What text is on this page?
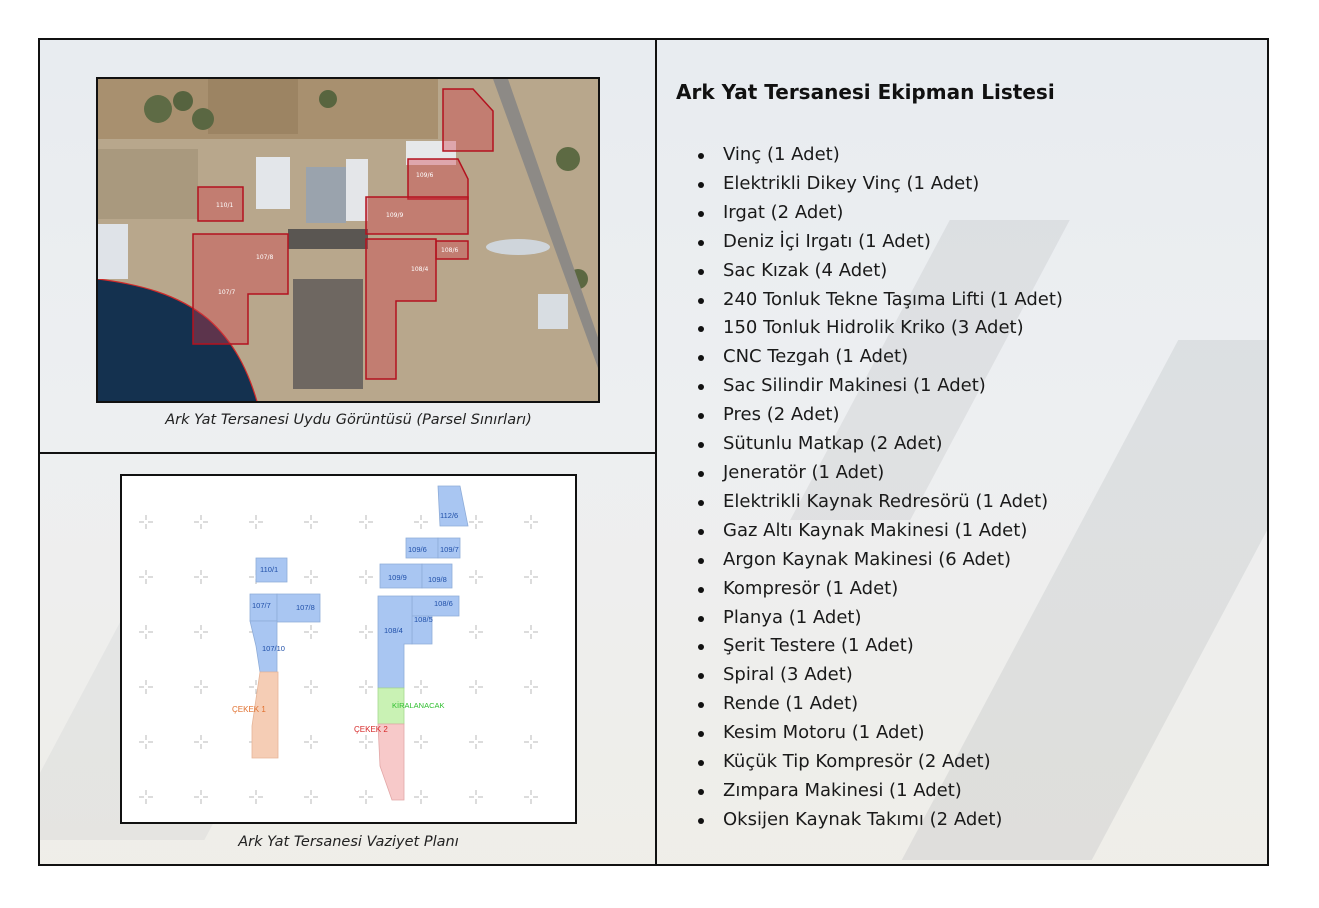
109/6
109/9
108/6
108/4
110/1
107/8
107/7
Ark Yat Tersanesi Uydu Görüntüsü (Parsel Sınırları)
112/6
109/6 109/7
110/1
109/9	109/8
107/7	107/8	108/6
108/5
108/4
107/10
ÇEKEK 1
ÇEKEK 2
KİRALANACAK
Ark Yat Tersanesi Vaziyet Planı
Ark Yat Tersanesi Ekipman Listesi
Vinç (1 Adet)
Elektrikli Dikey Vinç (1 Adet)
Irgat (2 Adet)
Deniz İçi Irgatı (1 Adet)
Sac Kızak (4 Adet)
240 Tonluk Tekne Taşıma Lifti (1 Adet)
150 Tonluk Hidrolik Kriko (3 Adet)
CNC Tezgah (1 Adet)
Sac Silindir Makinesi (1 Adet)
Pres (2 Adet)
Sütunlu Matkap (2 Adet)
Jeneratör (1 Adet)
Elektrikli Kaynak Redresörü (1 Adet)
Gaz Altı Kaynak Makinesi (1 Adet)
Argon Kaynak Makinesi (6 Adet)
Kompresör (1 Adet)
Planya (1 Adet)
Şerit Testere (1 Adet)
Spiral (3 Adet)
Rende (1 Adet)
Kesim Motoru (1 Adet)
Küçük Tip Kompresör (2 Adet)
Zımpara Makinesi (1 Adet)
Oksijen Kaynak Takımı (2 Adet)
